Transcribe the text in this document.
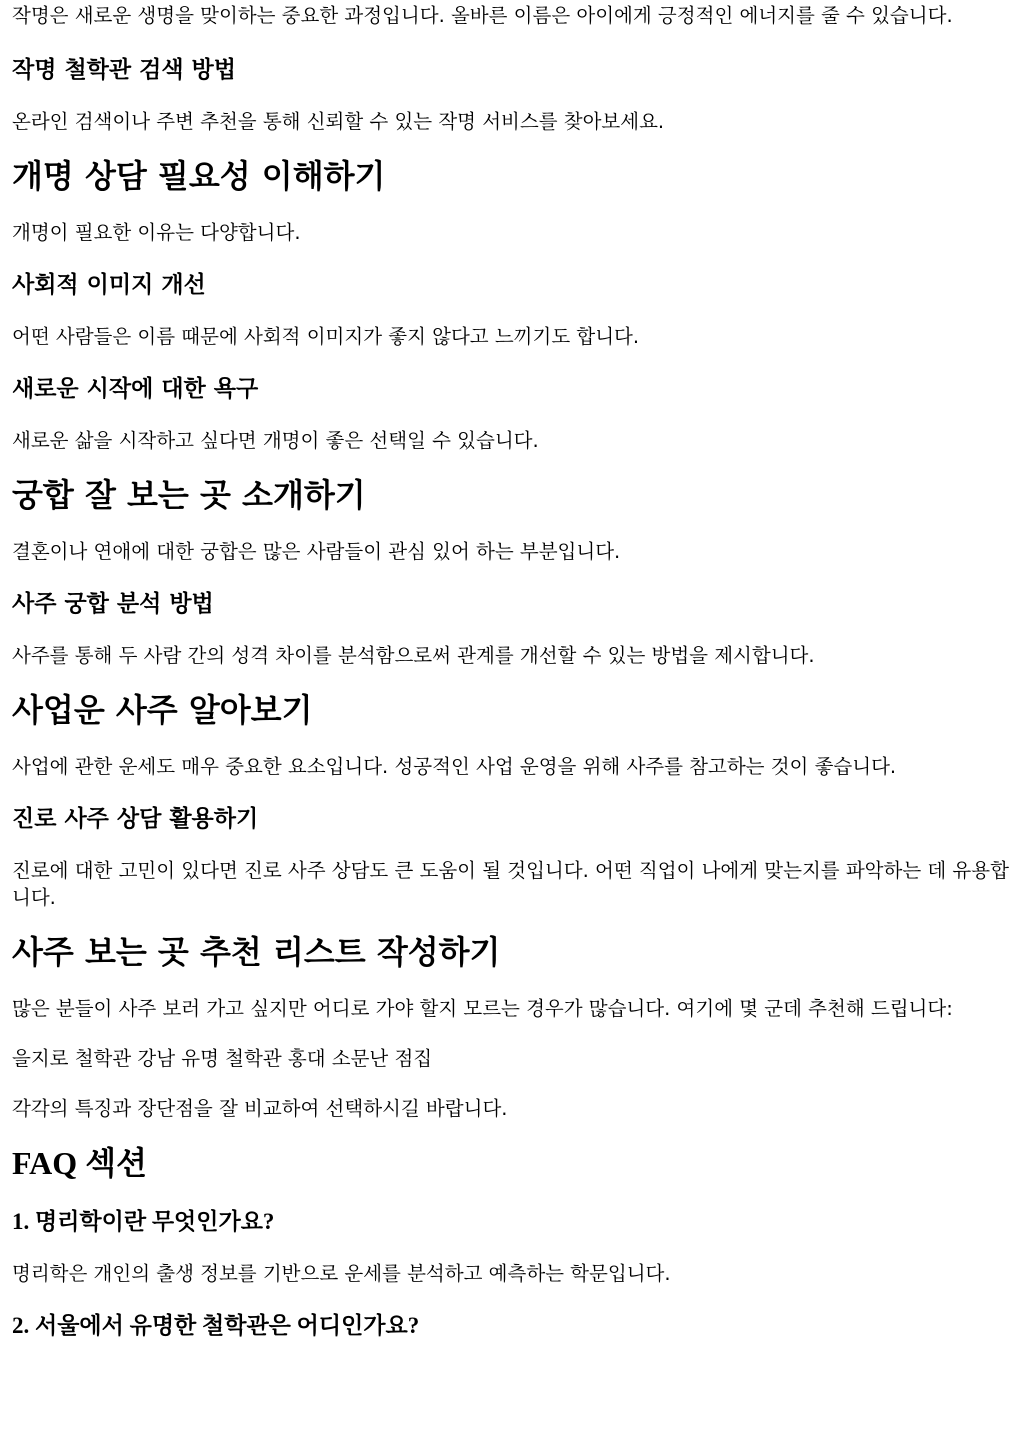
작명은 새로운 생명을 맞이하는 중요한 과정입니다. 올바른 이름은 아이에게 긍정적인 에너지를 줄 수 있습니다.

작명 철학관 검색 방법

온라인 검색이나 주변 추천을 통해 신뢰할 수 있는 작명 서비스를 찾아보세요.

개명 상담 필요성 이해하기

개명이 필요한 이유는 다양합니다.

사회적 이미지 개선

어떤 사람들은 이름 때문에 사회적 이미지가 좋지 않다고 느끼기도 합니다.

새로운 시작에 대한 욕구

새로운 삶을 시작하고 싶다면 개명이 좋은 선택일 수 있습니다.

궁합 잘 보는 곳 소개하기

결혼이나 연애에 대한 궁합은 많은 사람들이 관심 있어 하는 부분입니다.

사주 궁합 분석 방법

사주를 통해 두 사람 간의 성격 차이를 분석함으로써 관계를 개선할 수 있는 방법을 제시합니다.

사업운 사주 알아보기

사업에 관한 운세도 매우 중요한 요소입니다. 성공적인 사업 운영을 위해 사주를 참고하는 것이 좋습니다.

진로 사주 상담 활용하기

진로에 대한 고민이 있다면 진로 사주 상담도 큰 도움이 될 것입니다. 어떤 직업이 나에게 맞는지를 파악하는 데 유용합니다.

사주 보는 곳 추천 리스트 작성하기

많은 분들이 사주 보러 가고 싶지만 어디로 가야 할지 모르는 경우가 많습니다. 여기에 몇 군데 추천해 드립니다:

을지로 철학관 강남 유명 철학관 홍대 소문난 점집

각각의 특징과 장단점을 잘 비교하여 선택하시길 바랍니다.

FAQ 섹션
1. 명리학이란 무엇인가요?

명리학은 개인의 출생 정보를 기반으로 운세를 분석하고 예측하는 학문입니다.

2. 서울에서 유명한 철학관은 어디인가요?
